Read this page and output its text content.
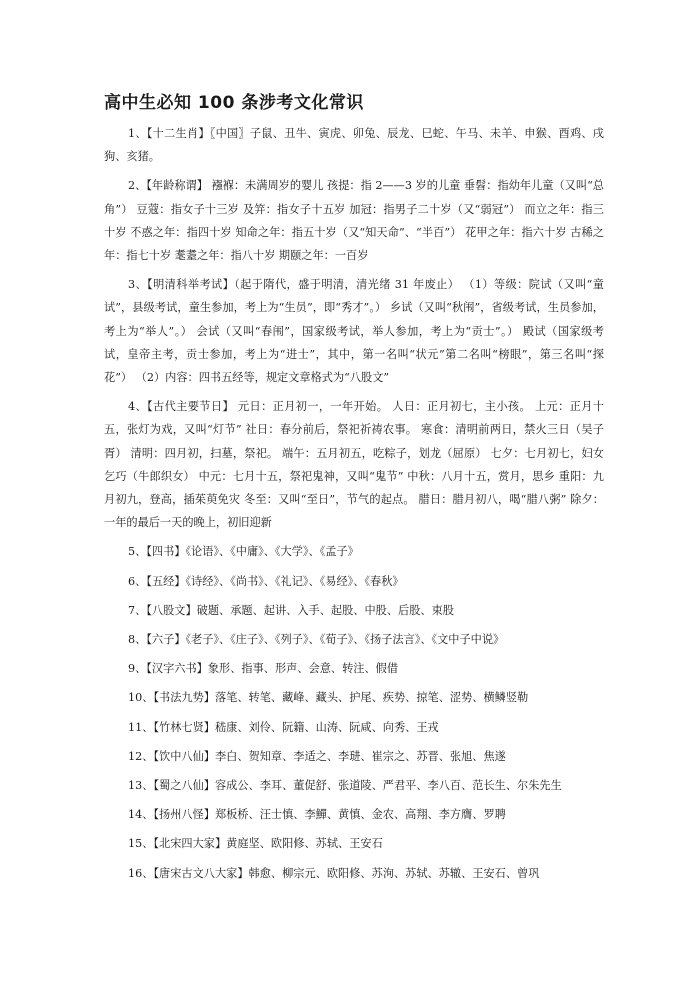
高中生必知 100 条涉考文化常识

1、【十二生肖】〖中国〗子鼠、丑牛、寅虎、卯兔、辰龙、巳蛇、午马、未羊、申猴、酉鸡、戌狗、亥猪。

2、【年龄称谓】 襁褓：未满周岁的婴儿 孩提：指 2——3 岁的儿童 垂髫：指幼年儿童（又叫“总角”） 豆蔻：指女子十三岁 及笄：指女子十五岁 加冠：指男子二十岁（又“弱冠”） 而立之年：指三十岁 不惑之年：指四十岁 知命之年：指五十岁（又“知天命”、“半百”） 花甲之年：指六十岁 古稀之年：指七十岁 耄耋之年：指八十岁 期颐之年：一百岁

3、【明清科举考试】（起于隋代，盛于明清，清光绪 31 年废止） （1）等级：院试（又叫“童试”，县级考试，童生参加，考上为“生员”，即“秀才”。） 乡试（又叫“秋闱”，省级考试，生员参加，考上为“举人”。） 会试（又叫“春闱”，国家级考试，举人参加，考上为“贡士”。） 殿试（国家级考试，皇帝主考，贡士参加，考上为“进士”，其中，第一名叫“状元”第二名叫“榜眼”，第三名叫“探花”） （2）内容：四书五经等，规定文章格式为“八股文”

4、【古代主要节日】 元日：正月初一，一年开始。 人日：正月初七，主小孩。 上元：正月十五，张灯为戏，又叫“灯节” 社日：春分前后，祭祀祈祷农事。 寒食：清明前两日，禁火三日（吴子胥） 清明：四月初，扫墓，祭祀。 端午：五月初五，吃粽子，划龙（屈原） 七夕：七月初七，妇女乞巧（牛郎织女） 中元：七月十五，祭祀鬼神，又叫“鬼节” 中秋：八月十五，赏月，思乡 重阳：九月初九，登高，插茱萸免灾 冬至：又叫“至日”，节气的起点。 腊日：腊月初八，喝“腊八粥” 除夕：一年的最后一天的晚上，初旧迎新

5、【四书】《论语》、《中庸》、《大学》、《孟子》

6、【五经】《诗经》、《尚书》、《礼记》、《易经》、《春秋》

7、【八股文】破题、承题、起讲、入手、起股、中股、后股、束股

8、【六子】《老子》、《庄子》、《列子》、《荀子》、《扬子法言》、《文中子中说》

9、【汉字六书】象形、指事、形声、会意、转注、假借

10、【书法九势】落笔、转笔、藏峰、藏头、护尾、疾势、掠笔、涩势、横鳞竖勒

11、【竹林七贤】嵇康、刘伶、阮籍、山涛、阮咸、向秀、王戎

12、【饮中八仙】李白、贺知章、李适之、李琎、崔宗之、苏晋、张旭、焦遂

13、【蜀之八仙】容成公、李耳、董促舒、张道陵、严君平、李八百、范长生、尔朱先生

14、【扬州八怪】郑板桥、汪士慎、李鱓、黄慎、金农、高翔、李方膺、罗聘

15、【北宋四大家】黄庭坚、欧阳修、苏轼、王安石

16、【唐宋古文八大家】韩愈、柳宗元、欧阳修、苏洵、苏轼、苏辙、王安石、曾巩
